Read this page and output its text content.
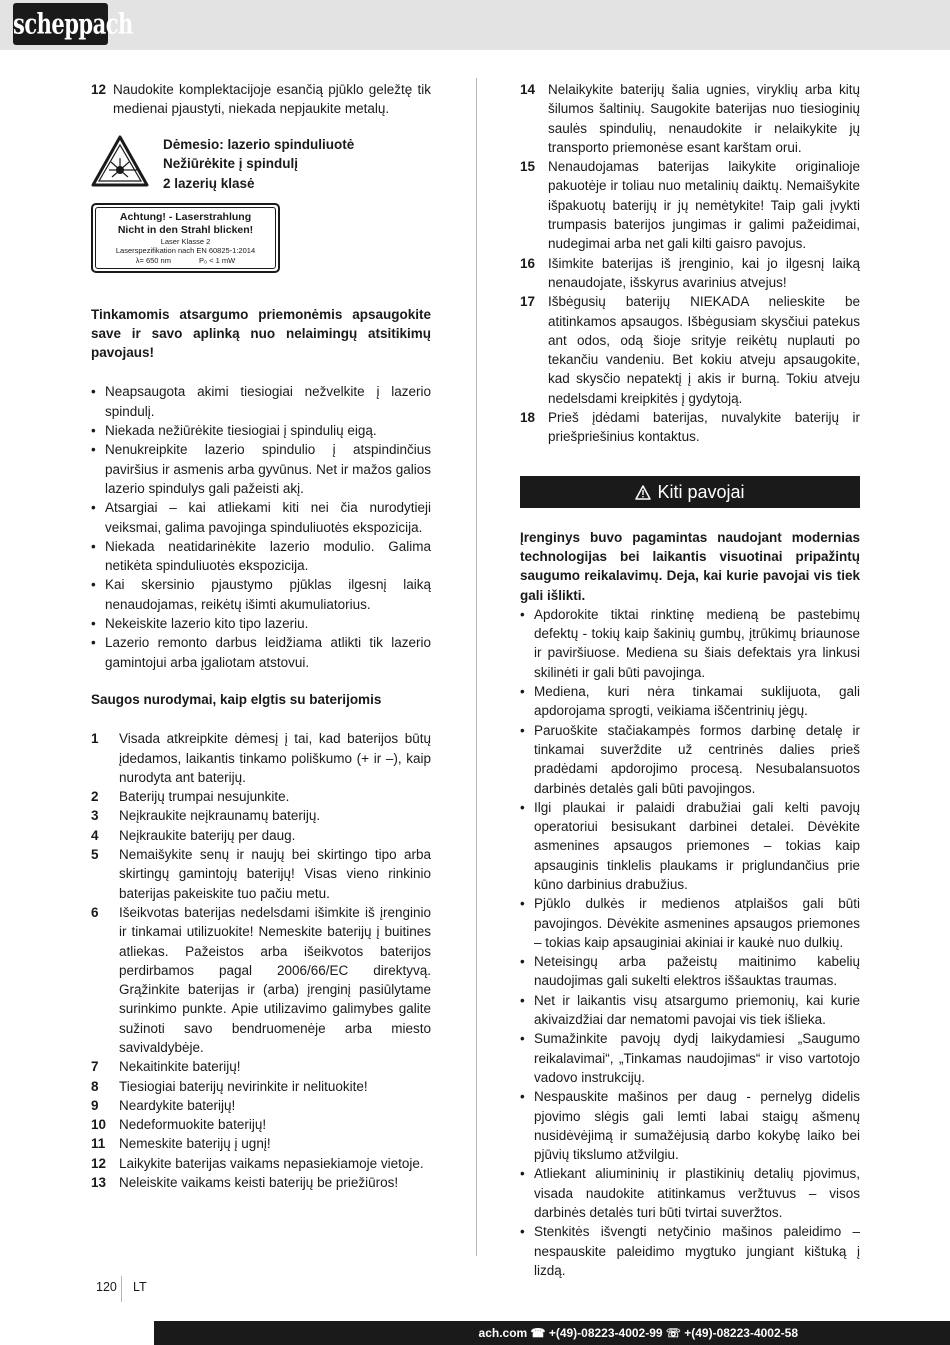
scheppach
12 Naudokite komplektacijoje esančią pjūklo geležtę tik medienai pjaustyti, niekada nepjaukite metalų.
Dėmesio: lazerio spinduliuotė
Nežiūrėkite į spindulį
2 lazerių klasė
Achtung! - Laserstrahlung
Nicht in den Strahl blicken!
Laser Klasse 2
Laserspezifikation nach EN 60825-1:2014
λ= 650 nm	P₀ < 1 mW
Tinkamomis atsargumo priemonėmis apsaugokite save ir savo aplinką nuo nelaimingų atsitikimų pavojaus!
• Neapsaugota akimi tiesiogiai nežvelkite į lazerio spindulį.
• Niekada nežiūrėkite tiesiogiai į spindulių eigą.
• Nenukreipkite lazerio spindulio į atspindinčius paviršius ir asmenis arba gyvūnus. Net ir mažos galios lazerio spindulys gali pažeisti akį.
• Atsargiai – kai atliekami kiti nei čia nurodytieji veiksmai, galima pavojinga spinduliuotės ekspozicija.
• Niekada neatidarinėkite lazerio modulio. Galima netikėta spinduliuotės ekspozicija.
• Kai skersinio pjaustymo pjūklas ilgesnį laiką nenaudojamas, reikėtų išimti akumuliatorius.
• Nekeiskite lazerio kito tipo lazeriu.
• Lazerio remonto darbus leidžiama atlikti tik lazerio gamintojui arba įgaliotam atstovui.
Saugos nurodymai, kaip elgtis su baterijomis
1	Visada atkreipkite dėmesį į tai, kad baterijos būtų įdedamos, laikantis tinkamo poliškumo (+ ir –), kaip nurodyta ant baterijų.
2	Baterijų trumpai nesujunkite.
3	Neįkraukite neįkraunamų baterijų.
4	Neįkraukite baterijų per daug.
5	Nemaišykite senų ir naujų bei skirtingo tipo arba skirtingų gamintojų baterijų! Visas vieno rinkinio baterijas pakeiskite tuo pačiu metu.
6	Išeikvotas baterijas nedelsdami išimkite iš įrenginio ir tinkamai utilizuokite! Nemeskite baterijų į buitines atliekas. Pažeistos arba išeikvotos baterijos perdirbamos pagal 2006/66/EC direktyvą. Grąžinkite baterijas ir (arba) įrenginį pasiūlytame surinkimo punkte. Apie utilizavimo galimybes galite sužinoti savo bendruomenėje arba miesto savivaldybėje.
7	Nekaitinkite baterijų!
8	Tiesiogiai baterijų nevirinkite ir nelituokite!
9	Neardykite baterijų!
10 Nedeformuokite baterijų!
11	Nemeskite baterijų į ugnį!
12 Laikykite baterijas vaikams nepasiekiamoje vietoje.
13 Neleiskite vaikams keisti baterijų be priežiūros!
14 Nelaikykite baterijų šalia ugnies, viryklių arba kitų šilumos šaltinių. Saugokite baterijas nuo tiesioginių saulės spindulių, nenaudokite ir nelaikykite jų transporto priemonėse esant karštam orui.
15 Nenaudojamas baterijas laikykite originalioje pakuotėje ir toliau nuo metalinių daiktų. Nemaišykite išpakuotų baterijų ir jų nemėtykite! Taip gali įvykti trumpasis baterijos jungimas ir galimi pažeidimai, nudegimai arba net gali kilti gaisro pavojus.
16 Išimkite baterijas iš įrenginio, kai jo ilgesnį laiką nenaudojate, išskyrus avarinius atvejus!
17 Išbėgusių baterijų NIEKADA nelieskite be atitinkamos apsaugos. Išbėgusiam skysčiui patekus ant odos, odą šioje srityje reikėtų nuplauti po tekančiu vandeniu. Bet kokiu atveju apsaugokite, kad skysčio nepatektį į akis ir burną. Tokiu atveju nedelsdami kreipkitės į gydytoją.
18 Prieš įdėdami baterijas, nuvalykite baterijų ir priešpriešinius kontaktus.
Kiti pavojai
Įrenginys buvo pagamintas naudojant modernias technologijas bei laikantis visuotinai pripažintų saugumo reikalavimų. Deja, kai kurie pavojai vis tiek gali išlikti.
• Apdorokite tiktai rinktinę medieną be pastebimų defektų - tokių kaip šakinių gumbų, įtrūkimų briaunose ir paviršiuose. Mediena su šiais defektais yra linkusi skilinėti ir gali būti pavojinga.
• Mediena, kuri nėra tinkamai suklijuota, gali apdorojama sprogti, veikiama iščentrinių jėgų.
• Paruoškite stačiakampės formos darbinę detalę ir tinkamai suverždite už centrinės dalies prieš pradėdami apdorojimo procesą. Nesubalansuotos darbinės detalės gali būti pavojingos.
• Ilgi plaukai ir palaidi drabužiai gali kelti pavojų operatoriui besisukant darbinei detalei. Dėvėkite asmenines apsaugos priemones – tokias kaip apsauginis tinklelis plaukams ir priglundančius prie kūno darbinius drabužius.
• Pjūklo dulkės ir medienos atplaišos gali būti pavojingos. Dėvėkite asmenines apsaugos priemones – tokias kaip apsauginiai akiniai ir kaukė nuo dulkių.
• Neteisingų arba pažeistų maitinimo kabelių naudojimas gali sukelti elektros iššauktas traumas.
• Net ir laikantis visų atsargumo priemonių, kai kurie akivaizdžiai dar nematomi pavojai vis tiek išlieka.
• Sumažinkite pavojų dydį laikydamiesi „Saugumo reikalavimai“, „Tinkamas naudojimas“ ir viso vartotojo vadovo instrukcijų.
• Nespauskite mašinos per daug - pernelyg didelis pjovimo slėgis gali lemti labai staigų ašmenų nusidėvėjimą ir sumažėjusią darbo kokybę laiko bei pjūvių tikslumo atžvilgiu.
• Atliekant aliumininių ir plastikinių detalių pjovimus, visada naudokite atitinkamus veržtuvus – visos darbinės detalės turi būti tvirtai suveržtos.
• Stenkitės išvengti netyčinio mašinos paleidimo – nespauskite paleidimo mygtuko jungiant kištuką į lizdą.
120 LT
ach.com ☎ +(49)-08223-4002-99 ☏ +(49)-08223-4002-58
